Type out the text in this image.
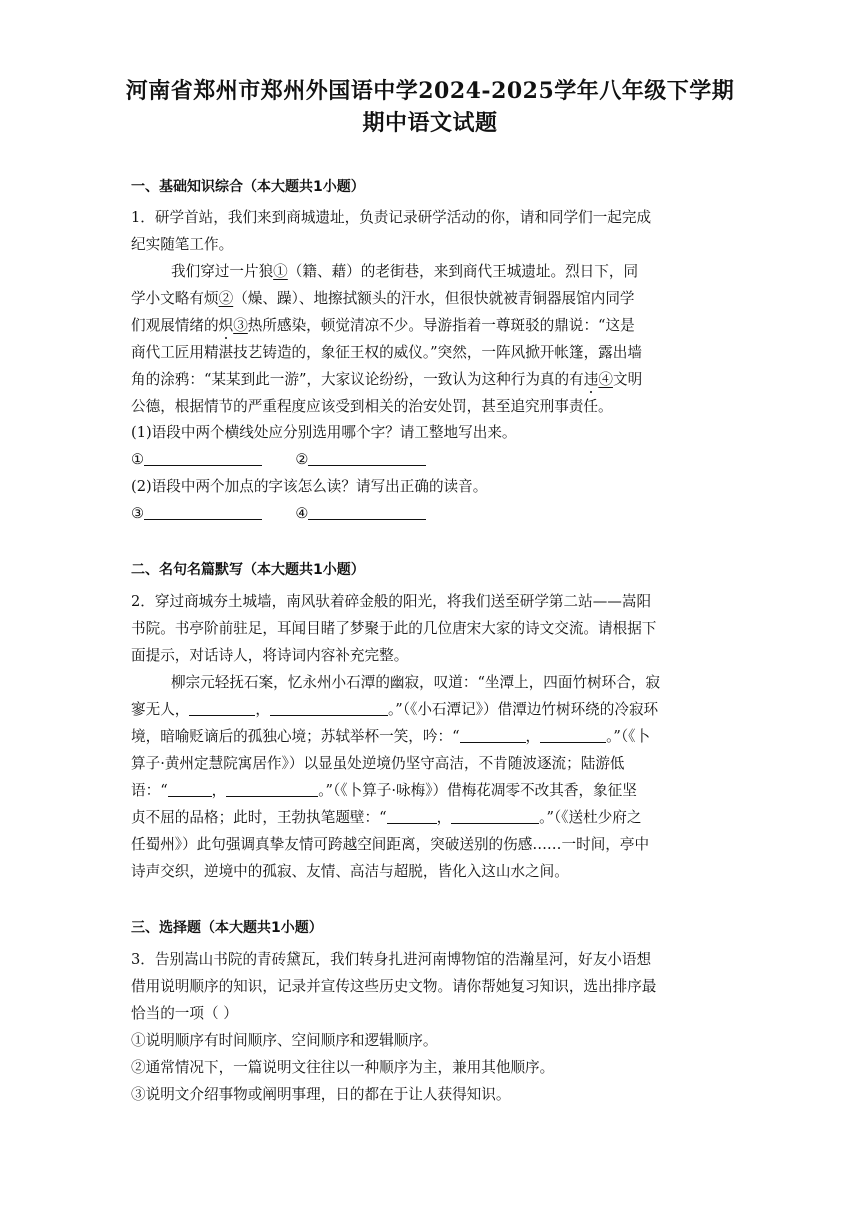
河南省郑州市郑州外国语中学2024-2025学年八年级下学期
期中语文试题

一、基础知识综合（本大题共1小题）

1．研学首站，我们来到商城遗址，负责记录研学活动的你，请和同学们一起完成

纪实随笔工作。

我们穿过一片狼①（籍、藉）的老街巷，来到商代王城遗址。烈日下，同

学小文略有烦②（燥、躁）、地擦拭额头的汗水，但很快就被青铜器展馆内同学

们观展情绪的炽③热所感染，顿觉清凉不少。导游指着一尊斑驳的鼎说：“这是

商代工匠用精湛技艺铸造的，象征王权的威仪。”突然，一阵风掀开帐篷，露出墙

角的涂鸦：“某某到此一游”，大家议论纷纷，一致认为这种行为真的有违④文明

公德，根据情节的严重程度应该受到相关的治安处罚，甚至追究刑事责任。

(1)语段中两个横线处应分别选用哪个字？请工整地写出来。

①	②

(2)语段中两个加点的字该怎么读？请写出正确的读音。

③	④

二、名句名篇默写（本大题共1小题）

2．穿过商城夯土城墙，南风驮着碎金般的阳光，将我们送至研学第二站——嵩阳

书院。书亭阶前驻足，耳闻目睹了梦聚于此的几位唐宋大家的诗文交流。请根据下

面提示，对话诗人，将诗词内容补充完整。

柳宗元轻抚石案，忆永州小石潭的幽寂，叹道：“坐潭上，四面竹树环合，寂

寥无人，	，	。”（《小石潭记》）借潭边竹树环绕的冷寂环

境，暗喻贬谪后的孤独心境；苏轼举杯一笑，吟：“	，	。”（《卜

算子·黄州定慧院寓居作》）以显虽处逆境仍坚守高洁，不肯随波逐流；陆游低

语：“	，	。”（《卜算子·咏梅》）借梅花凋零不改其香，象征坚

贞不屈的品格；此时，王勃执笔题壁：“	，	。”（《送杜少府之

任蜀州》）此句强调真挚友情可跨越空间距离，突破送别的伤感……一时间，亭中

诗声交织，逆境中的孤寂、友情、高洁与超脱，皆化入这山水之间。

三、选择题（本大题共1小题）

3．告别嵩山书院的青砖黛瓦，我们转身扎进河南博物馆的浩瀚星河，好友小语想

借用说明顺序的知识，记录并宣传这些历史文物。请你帮她复习知识，选出排序最

恰当的一项（ ）

①说明顺序有时间顺序、空间顺序和逻辑顺序。

②通常情况下，一篇说明文往往以一种顺序为主，兼用其他顺序。

③说明文介绍事物或阐明事理，日的都在于让人获得知识。
